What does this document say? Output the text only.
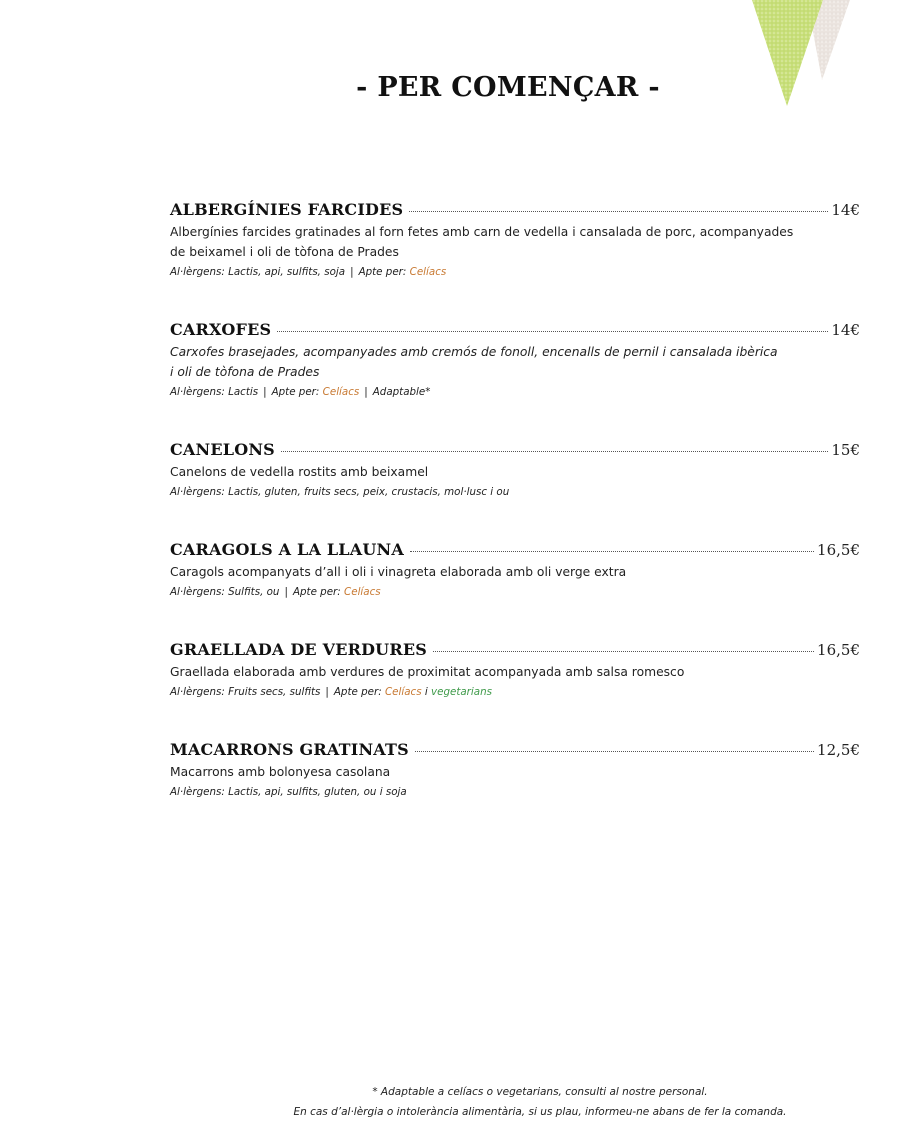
- PER COMENÇAR -
ALBERGÍNIES FARCIDES	14€
Albergínies farcides gratinades al forn fetes amb carn de vedella i cansalada de porc, acompanyades
de beixamel i oli de tòfona de Prades
Al·lèrgens: Lactis, api, sulfits, soja | Apte per: Celíacs
CARXOFES	14€
Carxofes brasejades, acompanyades amb cremós de fonoll, encenalls de pernil i cansalada ibèrica
i oli de tòfona de Prades
Al·lèrgens: Lactis | Apte per: Celíacs | Adaptable*
CANELONS	15€
Canelons de vedella rostits amb beixamel
Al·lèrgens: Lactis, gluten, fruits secs, peix, crustacis, mol·lusc i ou
CARAGOLS A LA LLAUNA	16,5€
Caragols acompanyats d’all i oli i vinagreta elaborada amb oli verge extra
Al·lèrgens: Sulfits, ou | Apte per: Celíacs
GRAELLADA DE VERDURES	16,5€
Graellada elaborada amb verdures de proximitat acompanyada amb salsa romesco
Al·lèrgens: Fruits secs, sulfits | Apte per: Celíacs i vegetarians
MACARRONS GRATINATS	12,5€
Macarrons amb bolonyesa casolana
Al·lèrgens: Lactis, api, sulfits, gluten, ou i soja
* Adaptable a celíacs o vegetarians, consulti al nostre personal.
En cas d’al·lèrgia o intolerància alimentària, si us plau, informeu-ne abans de fer la comanda.
